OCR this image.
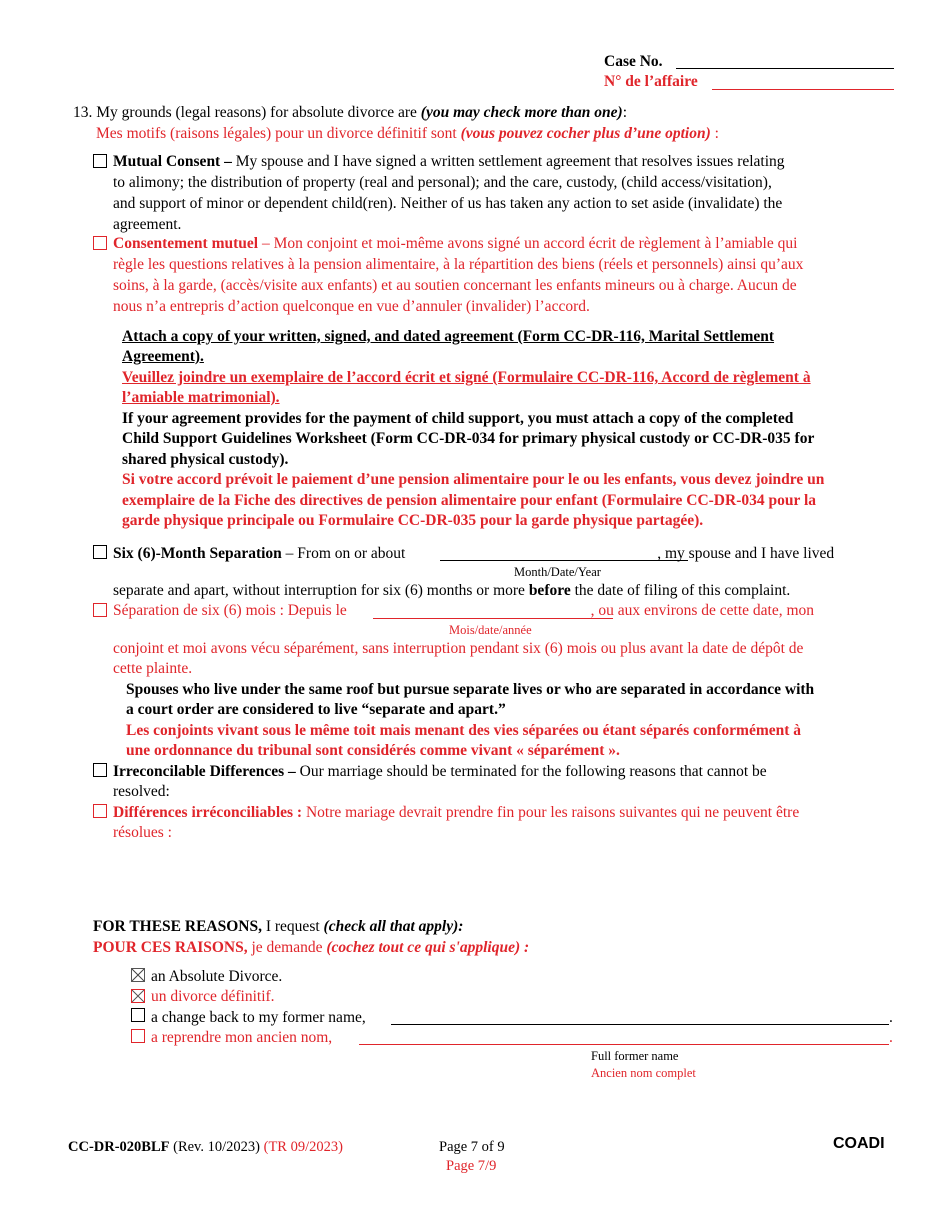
Case No.
N° de l’affaire
13. My grounds (legal reasons) for absolute divorce are (you may check more than one):
Mes motifs (raisons légales) pour un divorce définitif sont (vous pouvez cocher plus d’une option) :
Mutual Consent – My spouse and I have signed a written settlement agreement that resolves issues relating
to alimony; the distribution of property (real and personal); and the care, custody, (child access/visitation),
and support of minor or dependent child(ren). Neither of us has taken any action to set aside (invalidate) the
agreement.
Consentement mutuel – Mon conjoint et moi-même avons signé un accord écrit de règlement à l’amiable qui
règle les questions relatives à la pension alimentaire, à la répartition des biens (réels et personnels) ainsi qu’aux
soins, à la garde, (accès/visite aux enfants) et au soutien concernant les enfants mineurs ou à charge. Aucun de
nous n’a entrepris d’action quelconque en vue d’annuler (invalider) l’accord.
Attach a copy of your written, signed, and dated agreement (Form CC-DR-116, Marital Settlement
Agreement).
Veuillez joindre un exemplaire de l’accord écrit et signé (Formulaire CC-DR-116, Accord de règlement à
l’amiable matrimonial).
If your agreement provides for the payment of child support, you must attach a copy of the completed
Child Support Guidelines Worksheet (Form CC-DR-034 for primary physical custody or CC-DR-035 for
shared physical custody).
Si votre accord prévoit le paiement d’une pension alimentaire pour le ou les enfants, vous devez joindre un
exemplaire de la Fiche des directives de pension alimentaire pour enfant (Formulaire CC-DR-034 pour la
garde physique principale ou Formulaire CC-DR-035 pour la garde physique partagée).
Six (6)-Month Separation – From on or about	, my spouse and I have lived
Month/Date/Year
separate and apart, without interruption for six (6) months or more before the date of filing of this complaint.
Séparation de six (6) mois : Depuis le	, ou aux environs de cette date, mon
Mois/date/année
conjoint et moi avons vécu séparément, sans interruption pendant six (6) mois ou plus avant la date de dépôt de
cette plainte.
Spouses who live under the same roof but pursue separate lives or who are separated in accordance with
a court order are considered to live “separate and apart.”
Les conjoints vivant sous le même toit mais menant des vies séparées ou étant séparés conformément à
une ordonnance du tribunal sont considérés comme vivant « séparément ».
Irreconcilable Differences – Our marriage should be terminated for the following reasons that cannot be
resolved:
Différences irréconciliables : Notre mariage devrait prendre fin pour les raisons suivantes qui ne peuvent être
résolues :
FOR THESE REASONS, I request (check all that apply):
POUR CES RAISONS, je demande (cochez tout ce qui s'applique) :
an Absolute Divorce.
un divorce définitif.
a change back to my former name,	.
a reprendre mon ancien nom,	.
Full former name
Ancien nom complet
CC-DR-020BLF (Rev. 10/2023) (TR 09/2023)	Page 7 of 9
Page 7/9
COADI
